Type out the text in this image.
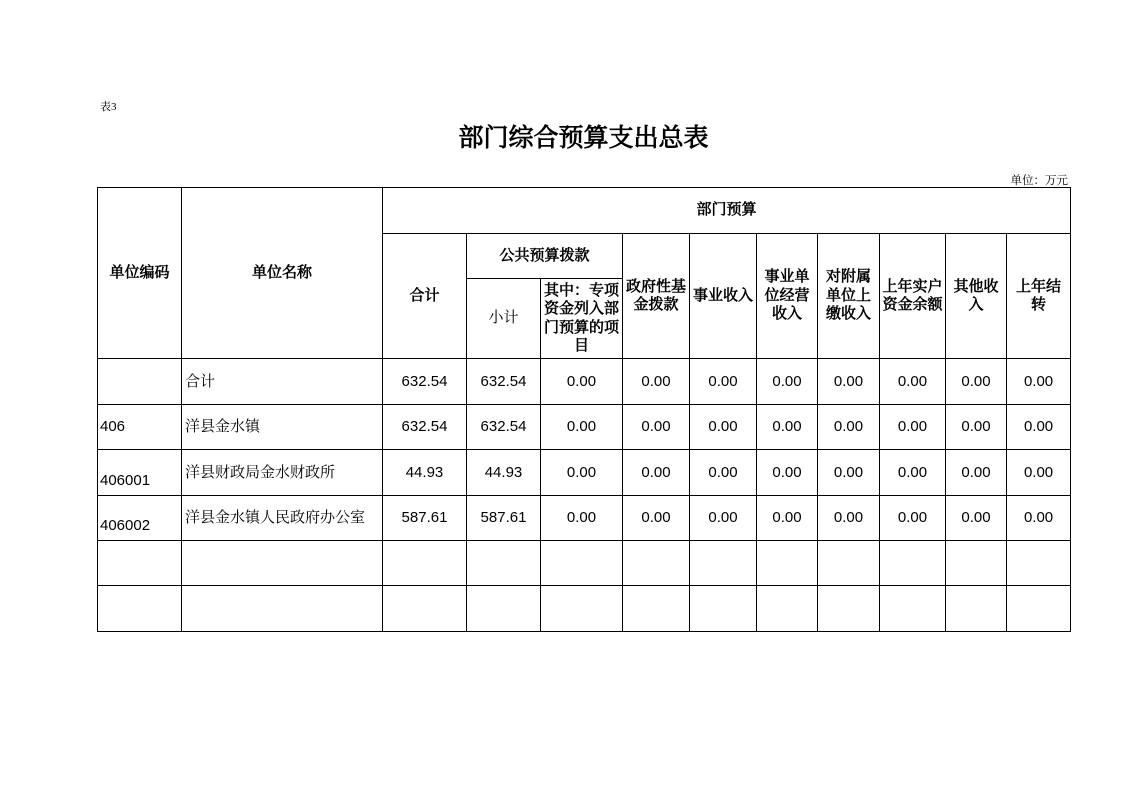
表3
部门综合预算支出总表
单位：万元
单位编码	单位名称	部门预算									
		合计	公共预算拨款		政府性基金拨款	事业收入	事业单位经营收入	对附属单位上缴收入	上年实户资金余额	其他收入	上年结转
			小计	其中：专项资金列入部门预算的项目							
	合计	632.54	632.54	0.00	0.00	0.00	0.00	0.00	0.00	0.00	0.00
406	洋县金水镇	632.54	632.54	0.00	0.00	0.00	0.00	0.00	0.00	0.00	0.00
406001	洋县财政局金水财政所	44.93	44.93	0.00	0.00	0.00	0.00	0.00	0.00	0.00	0.00
406002	洋县金水镇人民政府办公室	587.61	587.61	0.00	0.00	0.00	0.00	0.00	0.00	0.00	0.00
